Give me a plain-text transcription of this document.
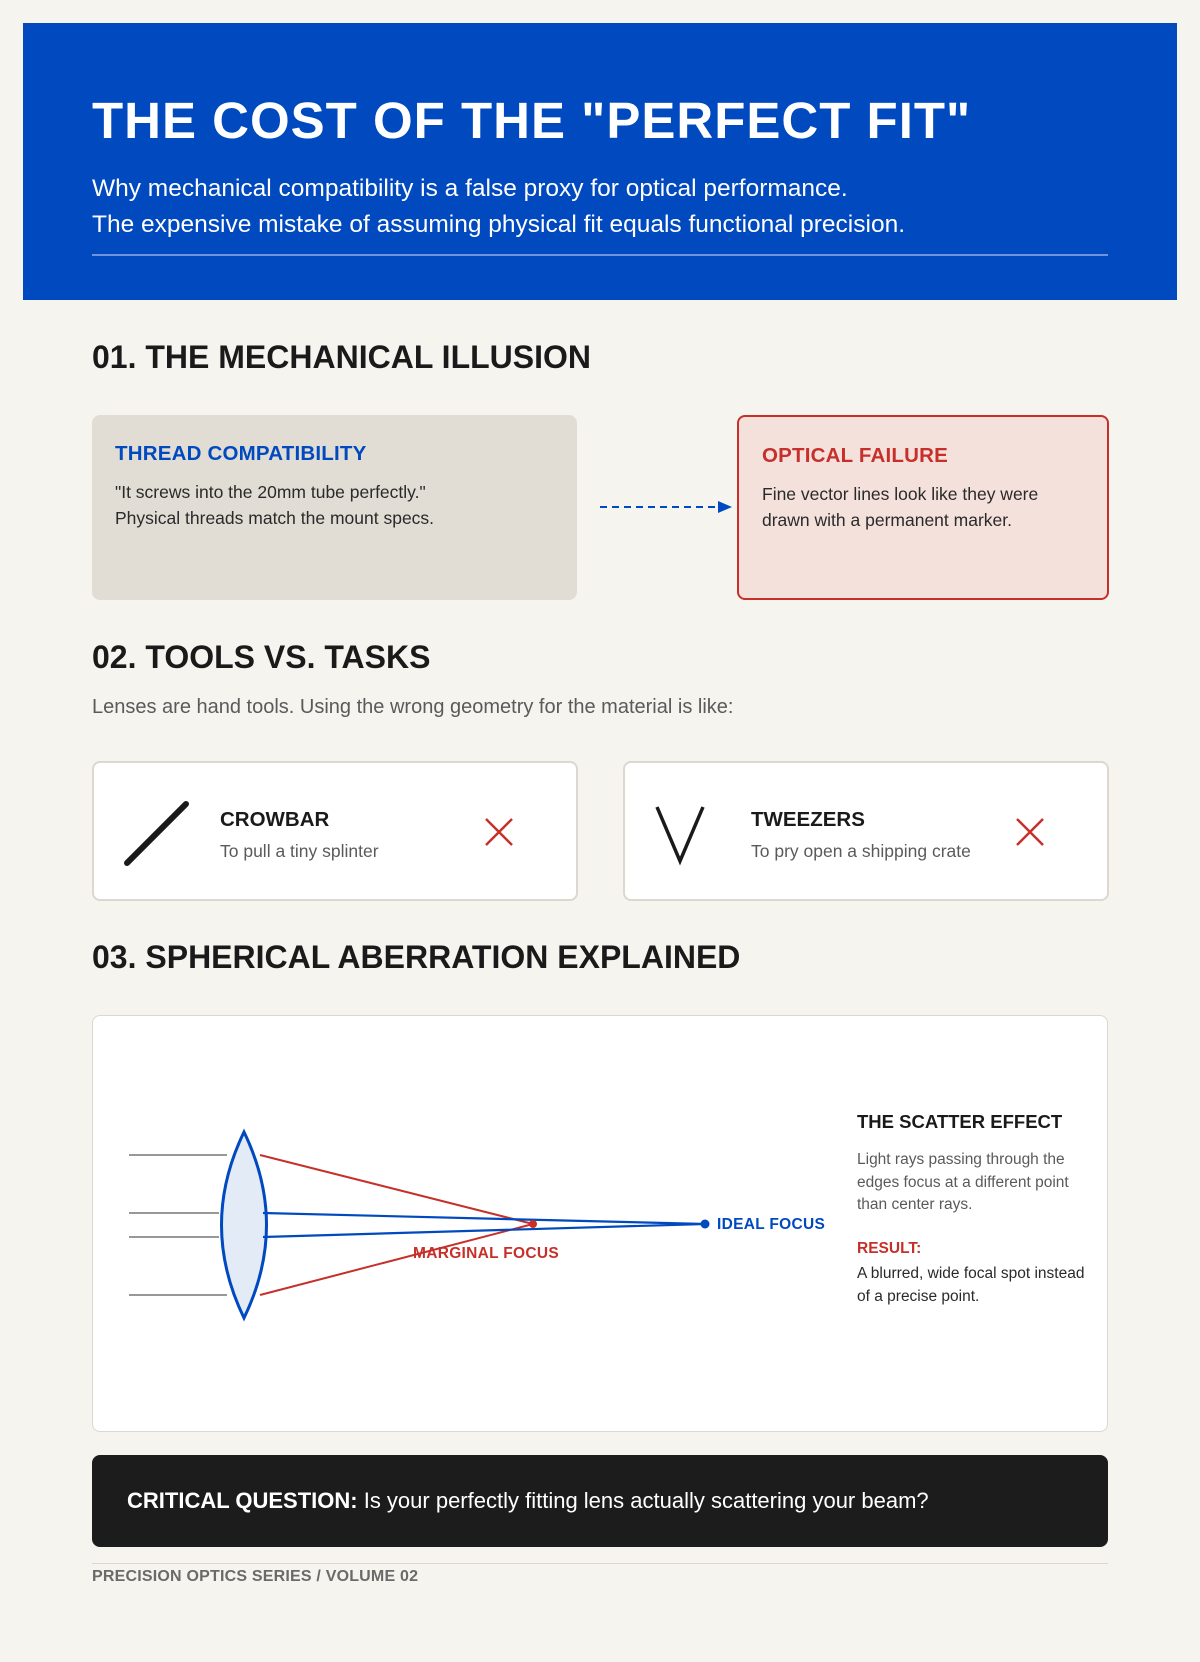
THE COST OF THE "PERFECT FIT"
Why mechanical compatibility is a false proxy for optical performance.
The expensive mistake of assuming physical fit equals functional precision.
01. THE MECHANICAL ILLUSION
THREAD COMPATIBILITY
"It screws into the 20mm tube perfectly."
Physical threads match the mount specs.
OPTICAL FAILURE
Fine vector lines look like they were
drawn with a permanent marker.
02. TOOLS VS. TASKS
Lenses are hand tools. Using the wrong geometry for the material is like:
CROWBAR
To pull a tiny splinter
TWEEZERS
To pry open a shipping crate
03. SPHERICAL ABERRATION EXPLAINED
MARGINAL FOCUS
IDEAL FOCUS
THE SCATTER EFFECT
Light rays passing through the edges focus at a different point than center rays.
RESULT:
A blurred, wide focal spot instead of a precise point.
CRITICAL QUESTION: Is your perfectly fitting lens actually scattering your beam?
PRECISION OPTICS SERIES / VOLUME 02
